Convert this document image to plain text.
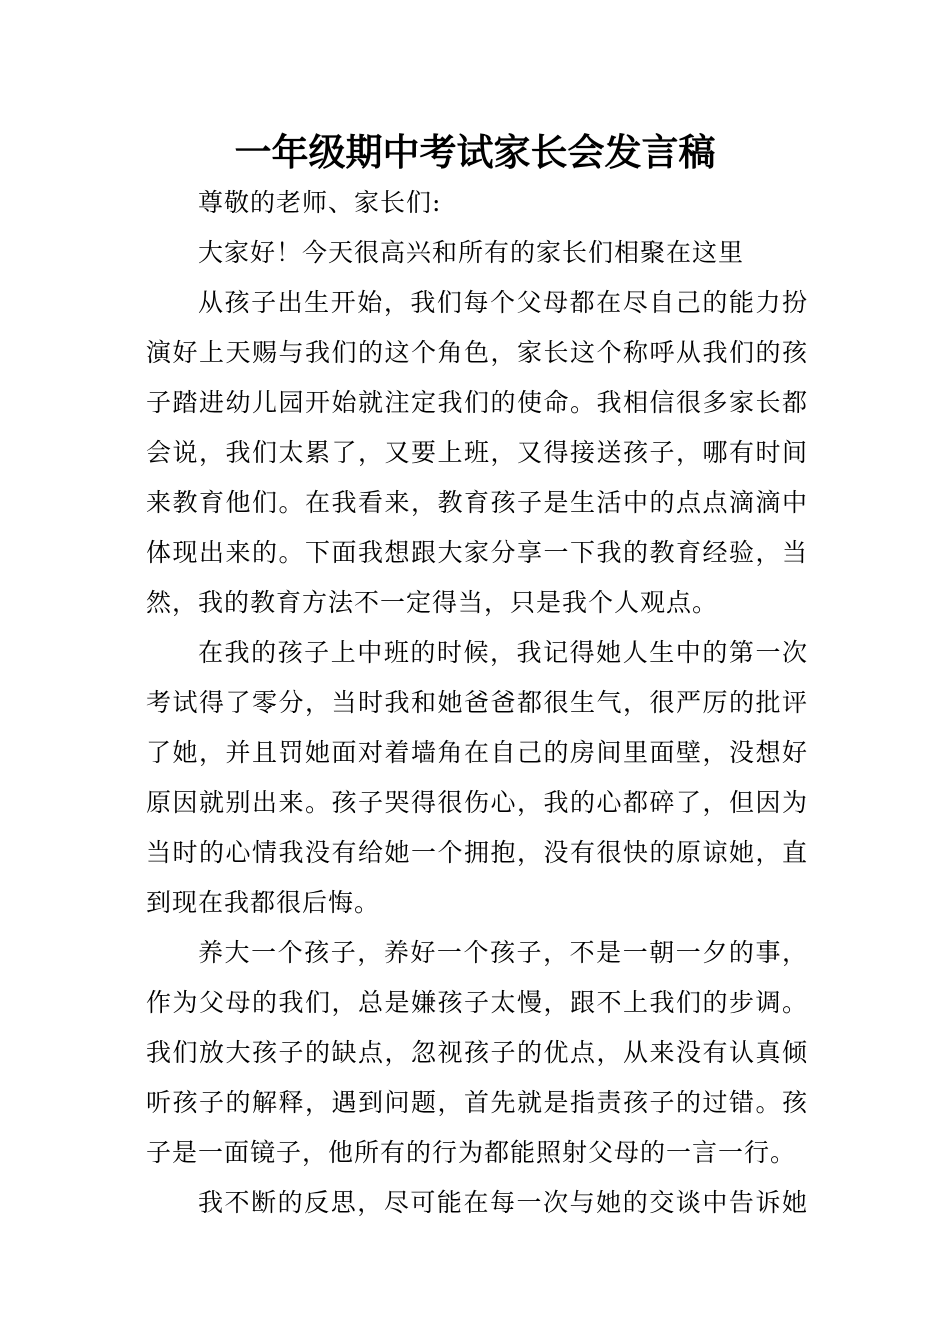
一年级期中考试家长会发言稿
尊敬的老师、家长们:
大家好！今天很高兴和所有的家长们相聚在这里
从孩子出生开始，我们每个父母都在尽自己的能力扮
演好上天赐与我们的这个角色，家长这个称呼从我们的孩
子踏进幼儿园开始就注定我们的使命。我相信很多家长都
会说，我们太累了，又要上班，又得接送孩子，哪有时间
来教育他们。在我看来，教育孩子是生活中的点点滴滴中
体现出来的。下面我想跟大家分享一下我的教育经验，当
然，我的教育方法不一定得当，只是我个人观点。
在我的孩子上中班的时候，我记得她人生中的第一次
考试得了零分，当时我和她爸爸都很生气，很严厉的批评
了她，并且罚她面对着墙角在自己的房间里面壁，没想好
原因就别出来。孩子哭得很伤心，我的心都碎了，但因为
当时的心情我没有给她一个拥抱，没有很快的原谅她，直
到现在我都很后悔。
养大一个孩子，养好一个孩子，不是一朝一夕的事，
作为父母的我们，总是嫌孩子太慢，跟不上我们的步调。
我们放大孩子的缺点，忽视孩子的优点，从来没有认真倾
听孩子的解释，遇到问题，首先就是指责孩子的过错。孩
子是一面镜子，他所有的行为都能照射父母的一言一行。
我不断的反思，尽可能在每一次与她的交谈中告诉她
